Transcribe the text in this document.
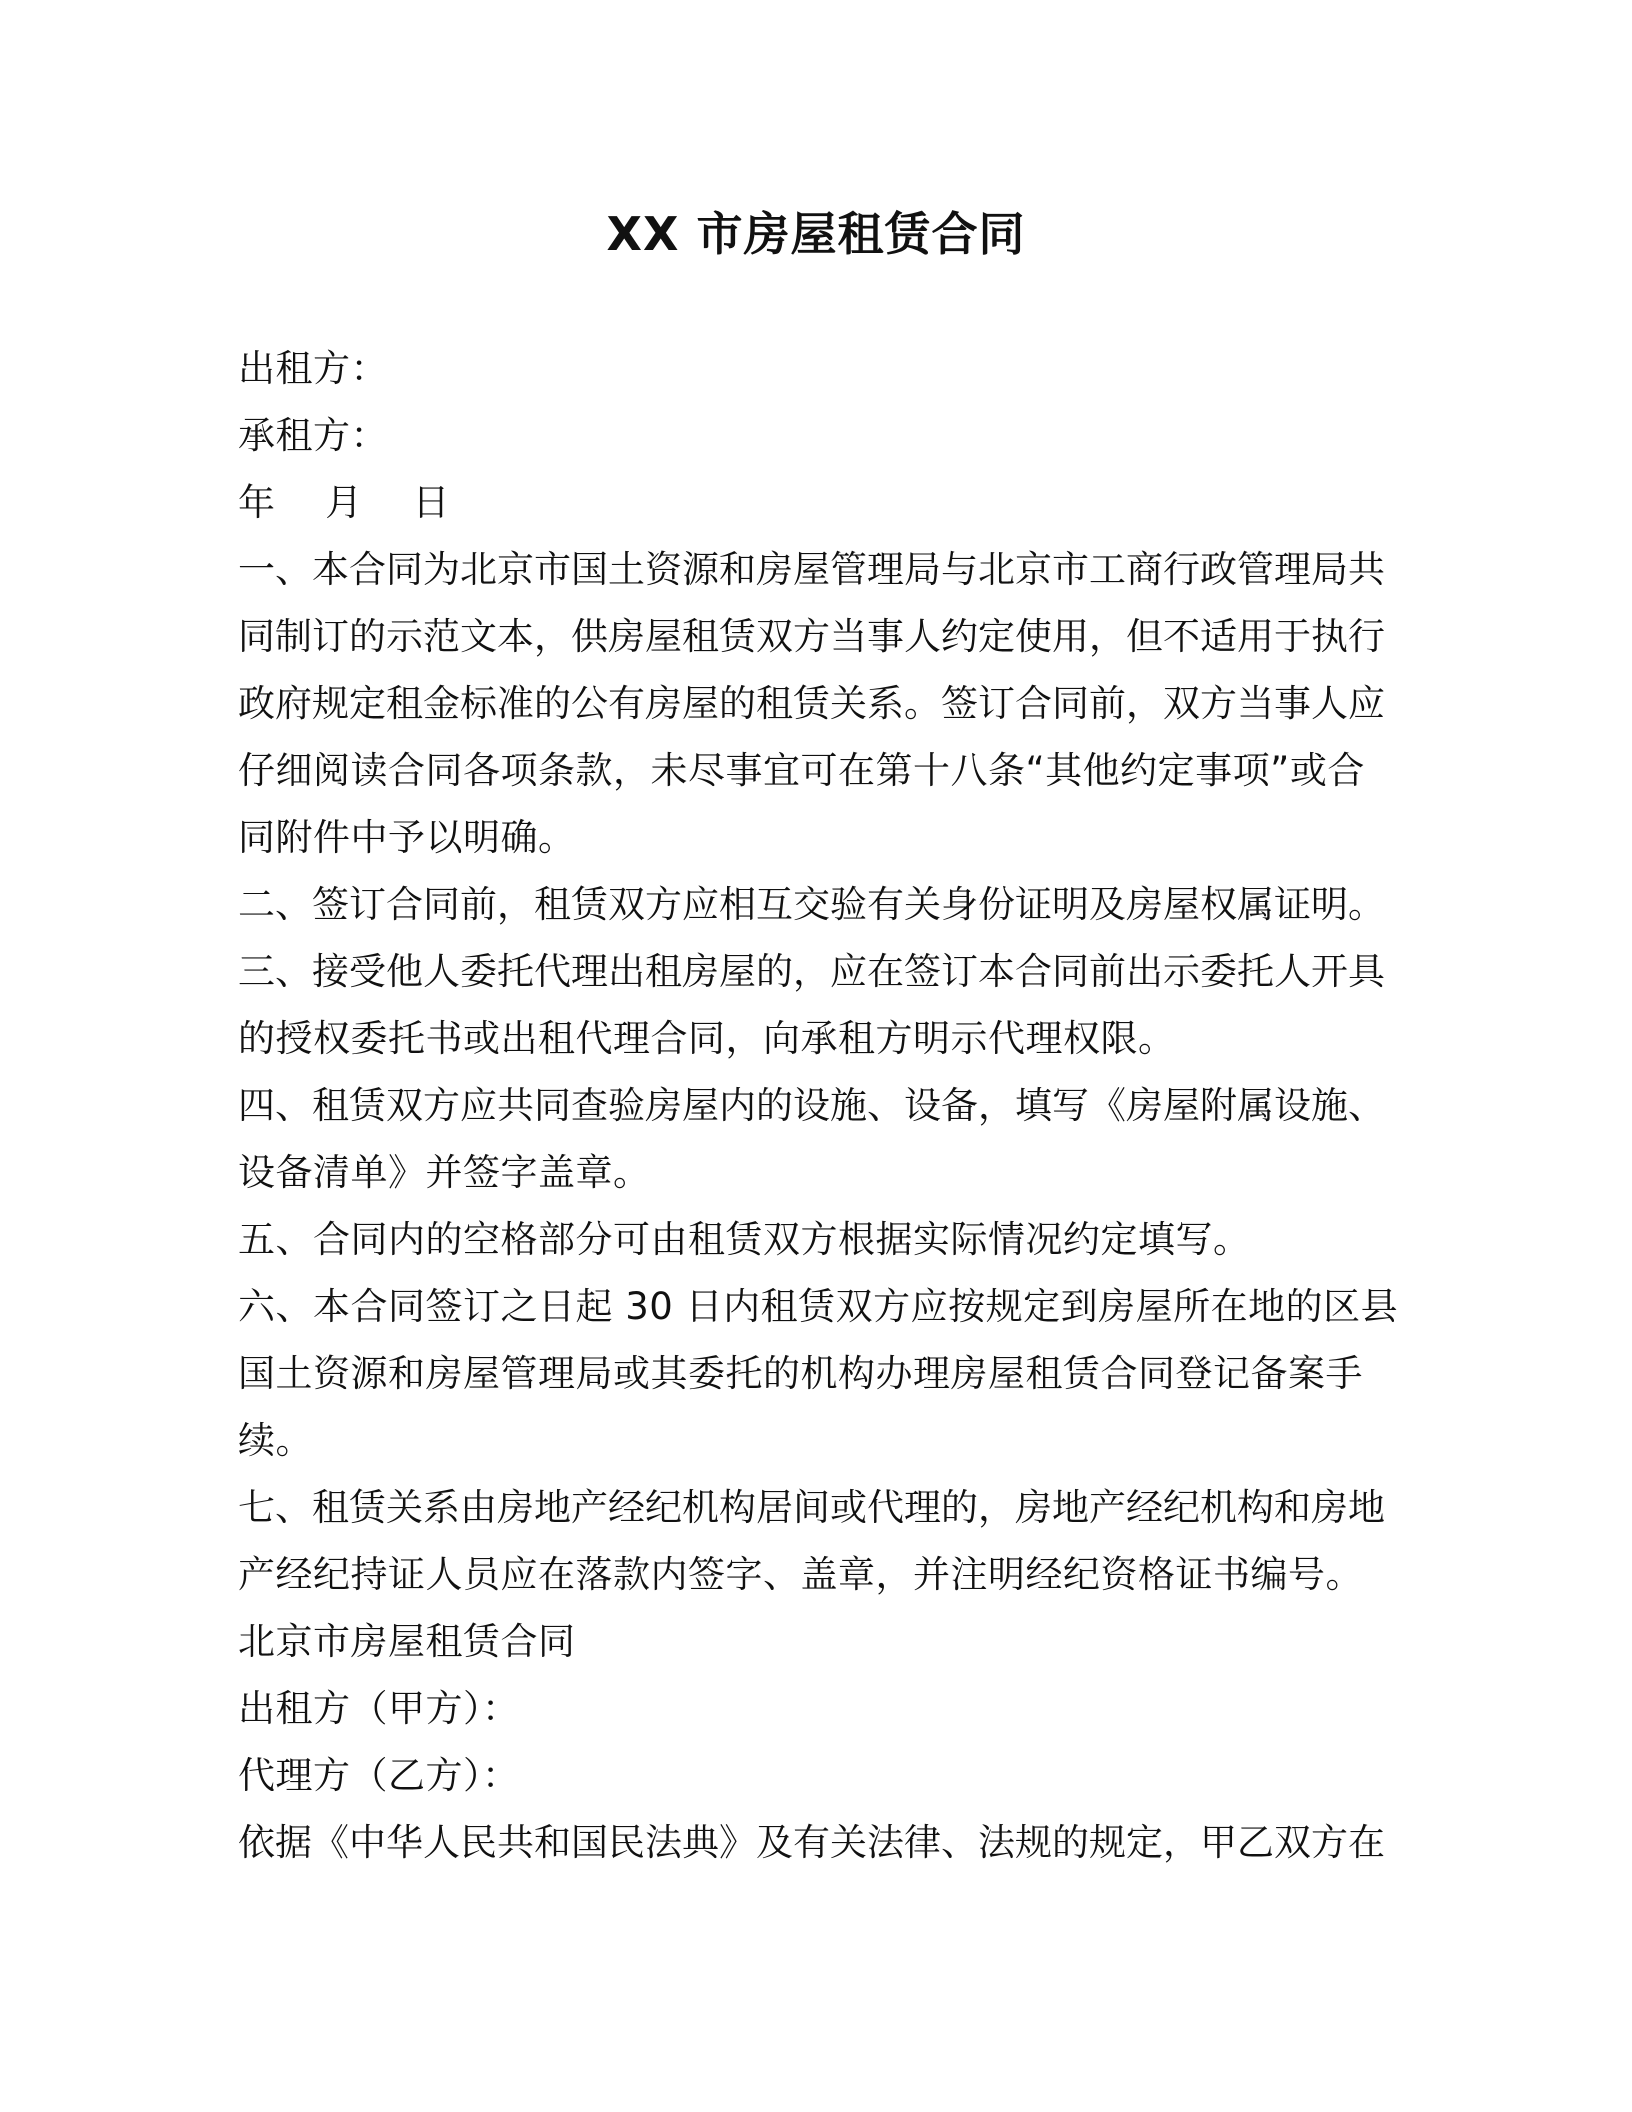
XX 市房屋租赁合同
出租方：
承租方：
年　 月　 日
一、本合同为北京市国土资源和房屋管理局与北京市工商行政管理局共
同制订的示范文本，供房屋租赁双方当事人约定使用，但不适用于执行
政府规定租金标准的公有房屋的租赁关系。签订合同前，双方当事人应
仔细阅读合同各项条款，未尽事宜可在第十八条“其他约定事项”或合
同附件中予以明确。
二、签订合同前，租赁双方应相互交验有关身份证明及房屋权属证明。
三、接受他人委托代理出租房屋的，应在签订本合同前出示委托人开具
的授权委托书或出租代理合同，向承租方明示代理权限。
四、租赁双方应共同查验房屋内的设施、设备，填写《房屋附属设施、
设备清单》并签字盖章。
五、合同内的空格部分可由租赁双方根据实际情况约定填写。
六、本合同签订之日起 30 日内租赁双方应按规定到房屋所在地的区县
国土资源和房屋管理局或其委托的机构办理房屋租赁合同登记备案手
续。
七、租赁关系由房地产经纪机构居间或代理的，房地产经纪机构和房地
产经纪持证人员应在落款内签字、盖章，并注明经纪资格证书编号。
北京市房屋租赁合同
出租方（甲方）：
代理方（乙方）：
依据《中华人民共和国民法典》及有关法律、法规的规定，甲乙双方在
